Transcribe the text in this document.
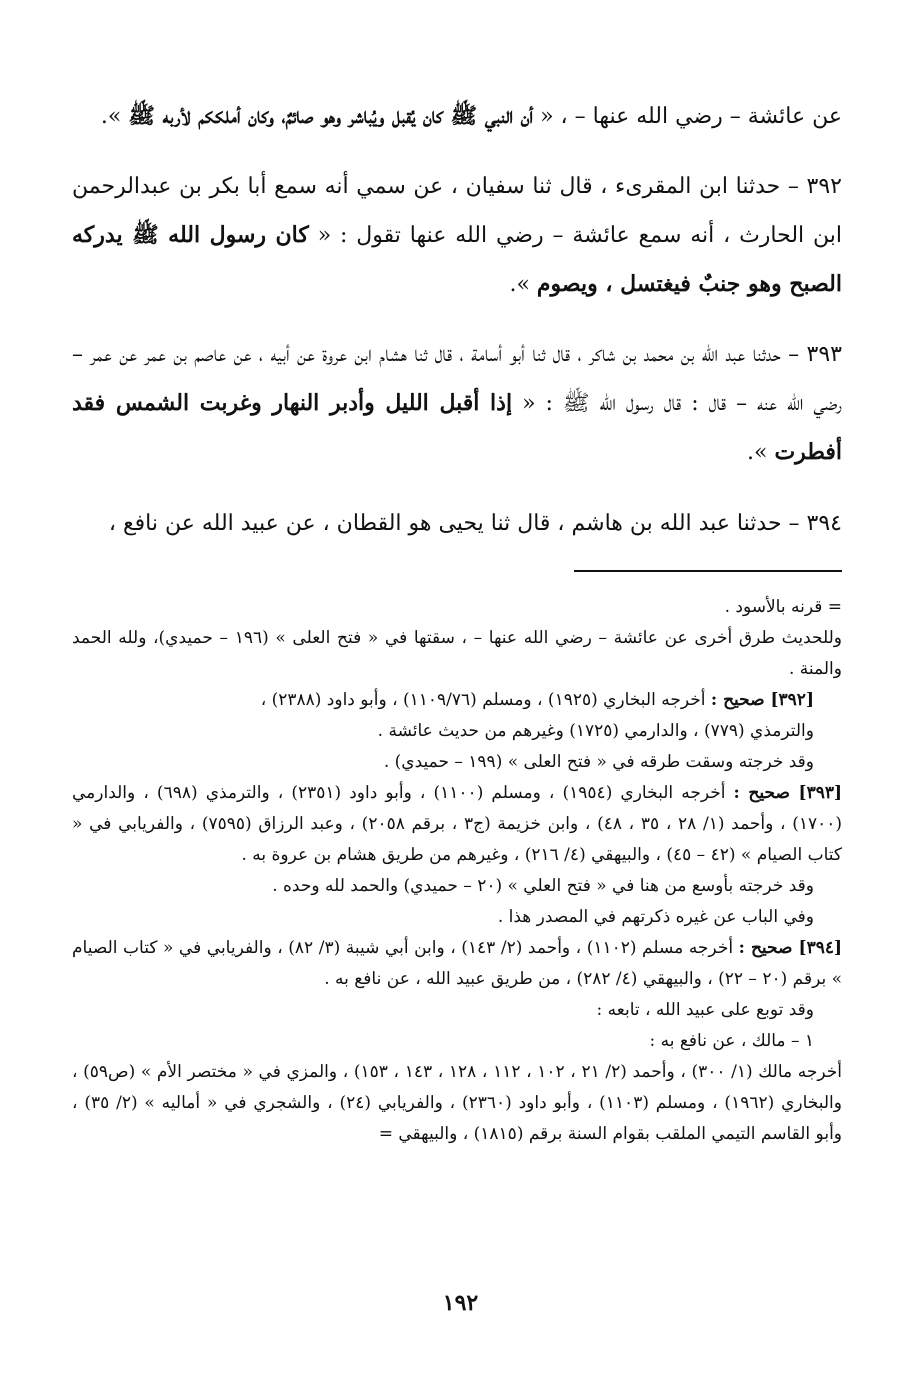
عن عائشة – رضي الله عنها – ، « أن النبي ﷺ كان يُقبل ويُباشر وهو صائمٌ، وكان أملككم لأربه ﷺ ».

٣٩٢ – حدثنا ابن المقرىء ، قال ثنا سفيان ، عن سمي أنه سمع أبا بكر بن عبدالرحمن ابن الحارث ، أنه سمع عائشة – رضي الله عنها تقول : « كان رسول الله ﷺ يدركه الصبح وهو جنبٌ فيغتسل ، ويصوم ».

٣٩٣ – حدثنا عبد الله بن محمد بن شاكر ، قال ثنا أبو أسامة ، قال ثنا هشام ابن عروة عن أبيه ، عن عاصم بن عمر عن عمر – رضي الله عنه – قال : قال رسول الله ﷺ : « إذا أقبل الليل وأدبر النهار وغربت الشمس فقد أفطرت ».

٣٩٤ – حدثنا عبد الله بن هاشم ، قال ثنا يحيى هو القطان ، عن عبيد الله عن نافع ،

= قرنه بالأسود .

وللحديث طرق أخرى عن عائشة – رضي الله عنها – ، سقتها في « فتح العلى » (١٩٦ – حميدي)، ولله الحمد والمنة .

[٣٩٢] صحيح : أخرجه البخاري (١٩٢٥) ، ومسلم (١١٠٩/٧٦) ، وأبو داود (٢٣٨٨) ،

والترمذي (٧٧٩) ، والدارمي (١٧٢٥) وغيرهم من حديث عائشة .

وقد خرجته وسقت طرقه في « فتح العلى » (١٩٩ – حميدي) .

[٣٩٣] صحيح : أخرجه البخاري (١٩٥٤) ، ومسلم (١١٠٠) ، وأبو داود (٢٣٥١) ، والترمذي (٦٩٨) ، والدارمي (١٧٠٠) ، وأحمد (١/ ٢٨ ، ٣٥ ، ٤٨) ، وابن خزيمة (ج٣ ، برقم ٢٠٥٨) ، وعبد الرزاق (٧٥٩٥) ، والفريابي في « كتاب الصيام » (٤٢ – ٤٥) ، والبيهقي (٤/ ٢١٦) ، وغيرهم من طريق هشام بن عروة به .

وقد خرجته بأوسع من هنا في « فتح العلي » (٢٠ – حميدي) والحمد لله وحده .

وفي الباب عن غيره ذكرتهم في المصدر هذا .

[٣٩٤] صحيح : أخرجه مسلم (١١٠٢) ، وأحمد (٢/ ١٤٣) ، وابن أبي شيبة (٣/ ٨٢) ، والفريابي في « كتاب الصيام » برقم (٢٠ – ٢٢) ، والبيهقي (٤/ ٢٨٢) ، من طريق عبيد الله ، عن نافع به .

وقد توبع على عبيد الله ، تابعه :

١ – مالك ، عن نافع به :

أخرجه مالك (١/ ٣٠٠) ، وأحمد (٢/ ٢١ ، ١٠٢ ، ١١٢ ، ١٢٨ ، ١٤٣ ، ١٥٣) ، والمزي في « مختصر الأم » (ص٥٩) ، والبخاري (١٩٦٢) ، ومسلم (١١٠٣) ، وأبو داود (٢٣٦٠) ، والفريابي (٢٤) ، والشجري في « أماليه » (٢/ ٣٥) ، وأبو القاسم التيمي الملقب بقوام السنة برقم (١٨١٥) ، والبيهقي =

١٩٢
